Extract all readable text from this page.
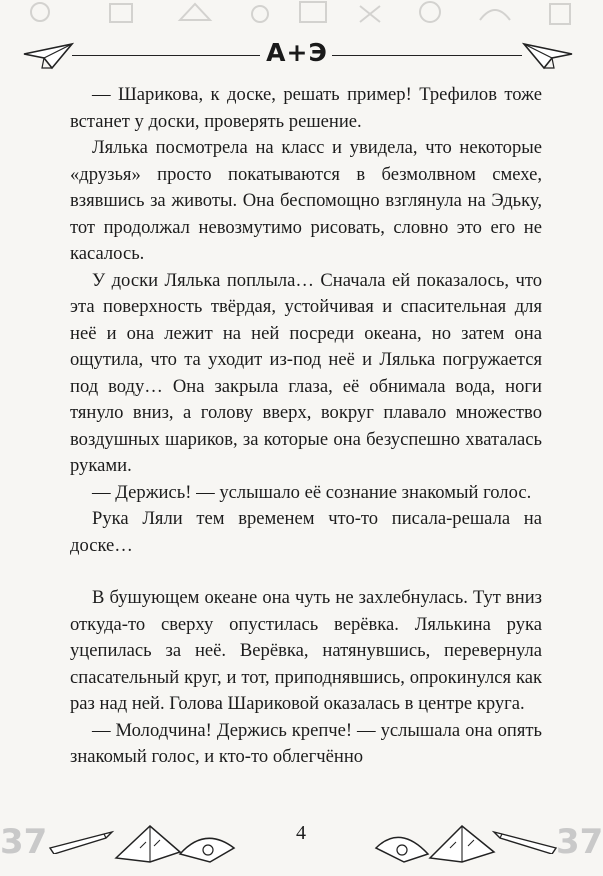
A+Э

— Шарикова, к доске, решать пример! Трефилов тоже встанет у доски, проверять решение.

Лялька посмотрела на класс и увидела, что некоторые «друзья» просто покатываются в безмолвном смехе, взявшись за животы. Она беспомощно взглянула на Эдьку, тот продолжал невозмутимо рисовать, словно это его не касалось.

У доски Лялька поплыла… Сначала ей показалось, что эта поверхность твёрдая, устойчивая и спасительная для неё и она лежит на ней посреди океана, но затем она ощутила, что та уходит из-под неё и Лялька погружается под воду… Она закрыла глаза, её обнимала вода, ноги тянуло вниз, а голову вверх, вокруг плавало множество воздушных шариков, за которые она безуспешно хваталась руками.

— Держись! — услышало её сознание знакомый голос.

Рука Ляли тем временем что-то писала-решала на доске…

В бушующем океане она чуть не захлебнулась. Тут вниз откуда-то сверху опустилась верёвка. Лялькина рука уцепилась за неё. Верёвка, натянувшись, перевернула спасательный круг, и тот, приподнявшись, опрокинулся как раз над ней. Голова Шариковой оказалась в центре круга.

— Молодчина! Держись крепче! — услышала она опять знакомый голос, и кто-то облегчённо

37	37
4
